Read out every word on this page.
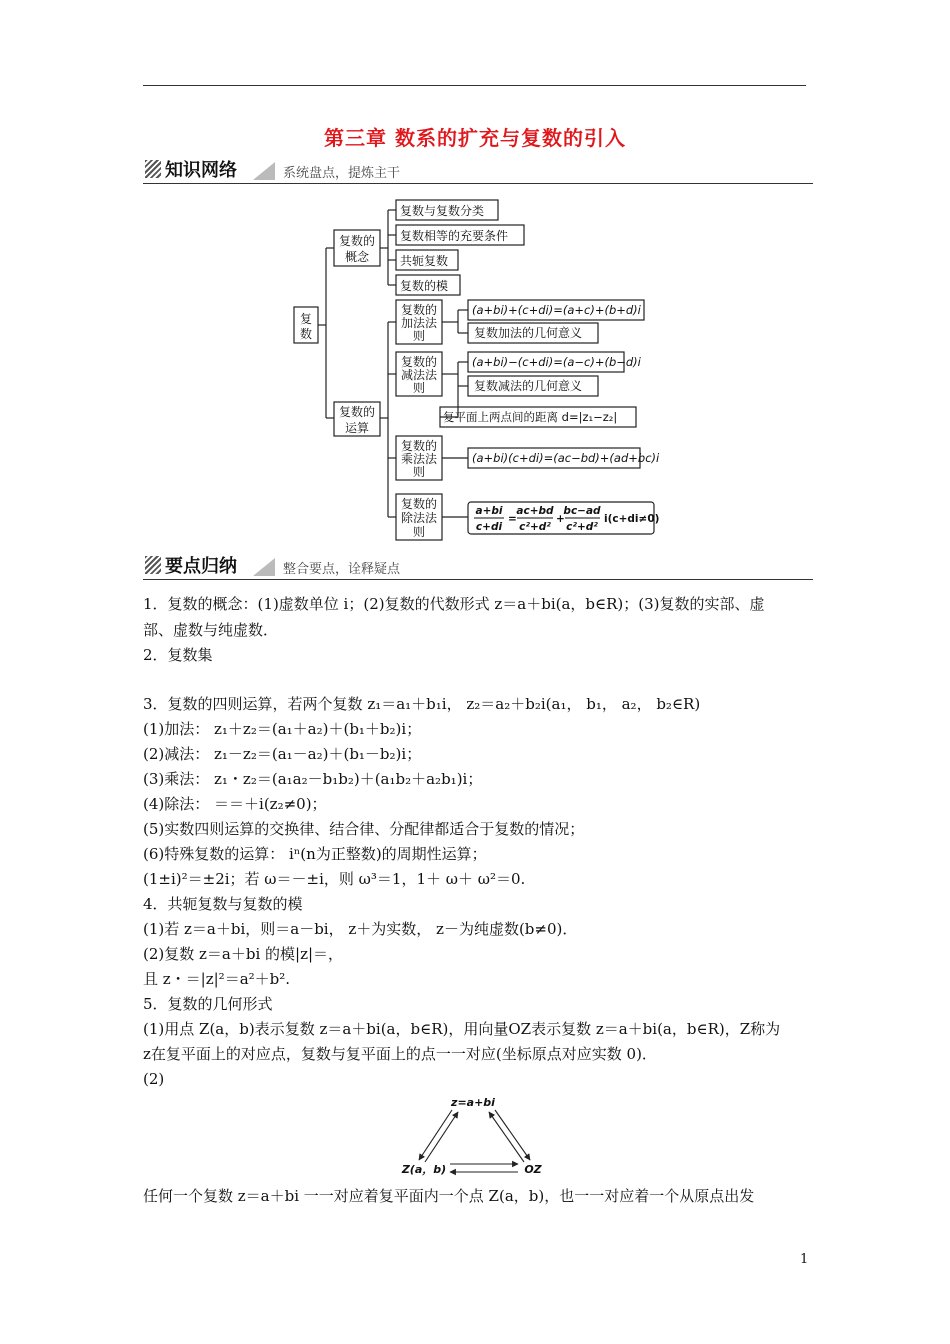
第三章 数系的扩充与复数的引入
知识网络	系统盘点，提炼主干
复
数
复数的
概念
复数与复数分类
复数相等的充要条件
共轭复数
复数的模
复数的
运算
复数的
加法法
则
(a+bi)+(c+di)=(a+c)+(b+d)i
复数加法的几何意义
复数的
减法法
则
(a+bi)−(c+di)=(a−c)+(b−d)i
复数减法的几何意义
复平面上两点间的距离 d=|z₁−z₂|
复数的
乘法法
则
(a+bi)(c+di)=(ac−bd)+(ad+bc)i
复数的
除法法
则
a+bi
c+di
=
ac+bd
c²+d²
+
bc−ad
c²+d²
i(c+di≠0)
要点归纳	整合要点，诠释疑点
1．复数的概念：(1)虚数单位 i；(2)复数的代数形式 z＝a＋bi(a，b∈R)；(3)复数的实部、虚
部、虚数与纯虚数．
2．复数集
3．复数的四则运算，若两个复数 z₁＝a₁＋b₁i， z₂＝a₂＋b₂i(a₁， b₁， a₂， b₂∈R)
(1)加法： z₁＋z₂＝(a₁＋a₂)＋(b₁＋b₂)i；
(2)减法： z₁－z₂＝(a₁－a₂)＋(b₁－b₂)i；
(3)乘法： z₁・z₂＝(a₁a₂－b₁b₂)＋(a₁b₂＋a₂b₁)i；
(4)除法： ＝＝＋i(z₂≠0)；
(5)实数四则运算的交换律、结合律、分配律都适合于复数的情况；
(6)特殊复数的运算： iⁿ(n为正整数)的周期性运算；
(1±i)²＝±2i；若 ω＝－±i，则 ω³＝1，1＋ ω＋ ω²＝0.
4．共轭复数与复数的模
(1)若 z＝a＋bi，则＝a－bi， z＋为实数， z－为纯虚数(b≠0)．
(2)复数 z＝a＋bi 的模|z|＝，
且 z・＝|z|²＝a²＋b².
5．复数的几何形式
(1)用点 Z(a，b)表示复数 z＝a＋bi(a，b∈R)，用向量OZ表示复数 z＝a＋bi(a，b∈R)，Z称为
z在复平面上的对应点，复数与复平面上的点一一对应(坐标原点对应实数 0)．
(2)
z=a+bi
Z(a，b)	OZ
任何一个复数 z＝a＋bi 一一对应着复平面内一个点 Z(a，b)，也一一对应着一个从原点出发
1
